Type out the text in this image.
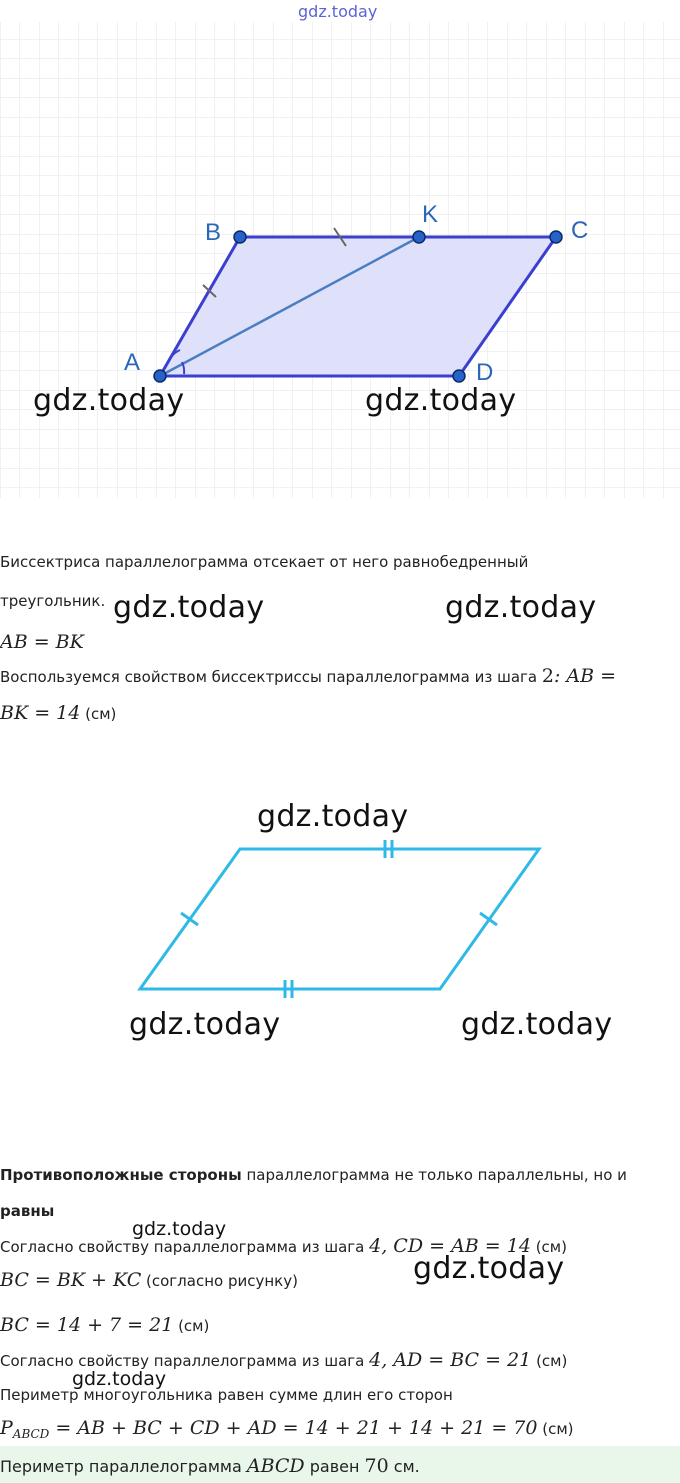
gdz.today
A
B
K
C
D
gdz.today	gdz.today
Биссектриса параллелограмма отсекает от него равнобедренный
треугольник. gdz.today	gdz.today
AB = BK
Воспользуемся свойством биссектриссы параллелограмма из шага 2: AB =
BK = 14 (см)
gdz.today
gdz.today	gdz.today
Противоположные стороны параллелограмма не только параллельны, но и
равны
gdz.today
Согласно свойству параллелограмма из шага 4, CD = AB = 14 (см)
BC = BK + KC (согласно рисунку)	gdz.today
BC = 14 + 7 = 21 (см)
Согласно свойству параллелограмма из шага 4, AD = BC = 21 (см)
gdz.today
Периметр многоугольника равен сумме длин его сторон
$P_{ABCD}$ = AB + BC + CD + AD = 14 + 21 + 14 + 21 = 70 (см)
Периметр параллелограмма ABCD равен 70 см.
